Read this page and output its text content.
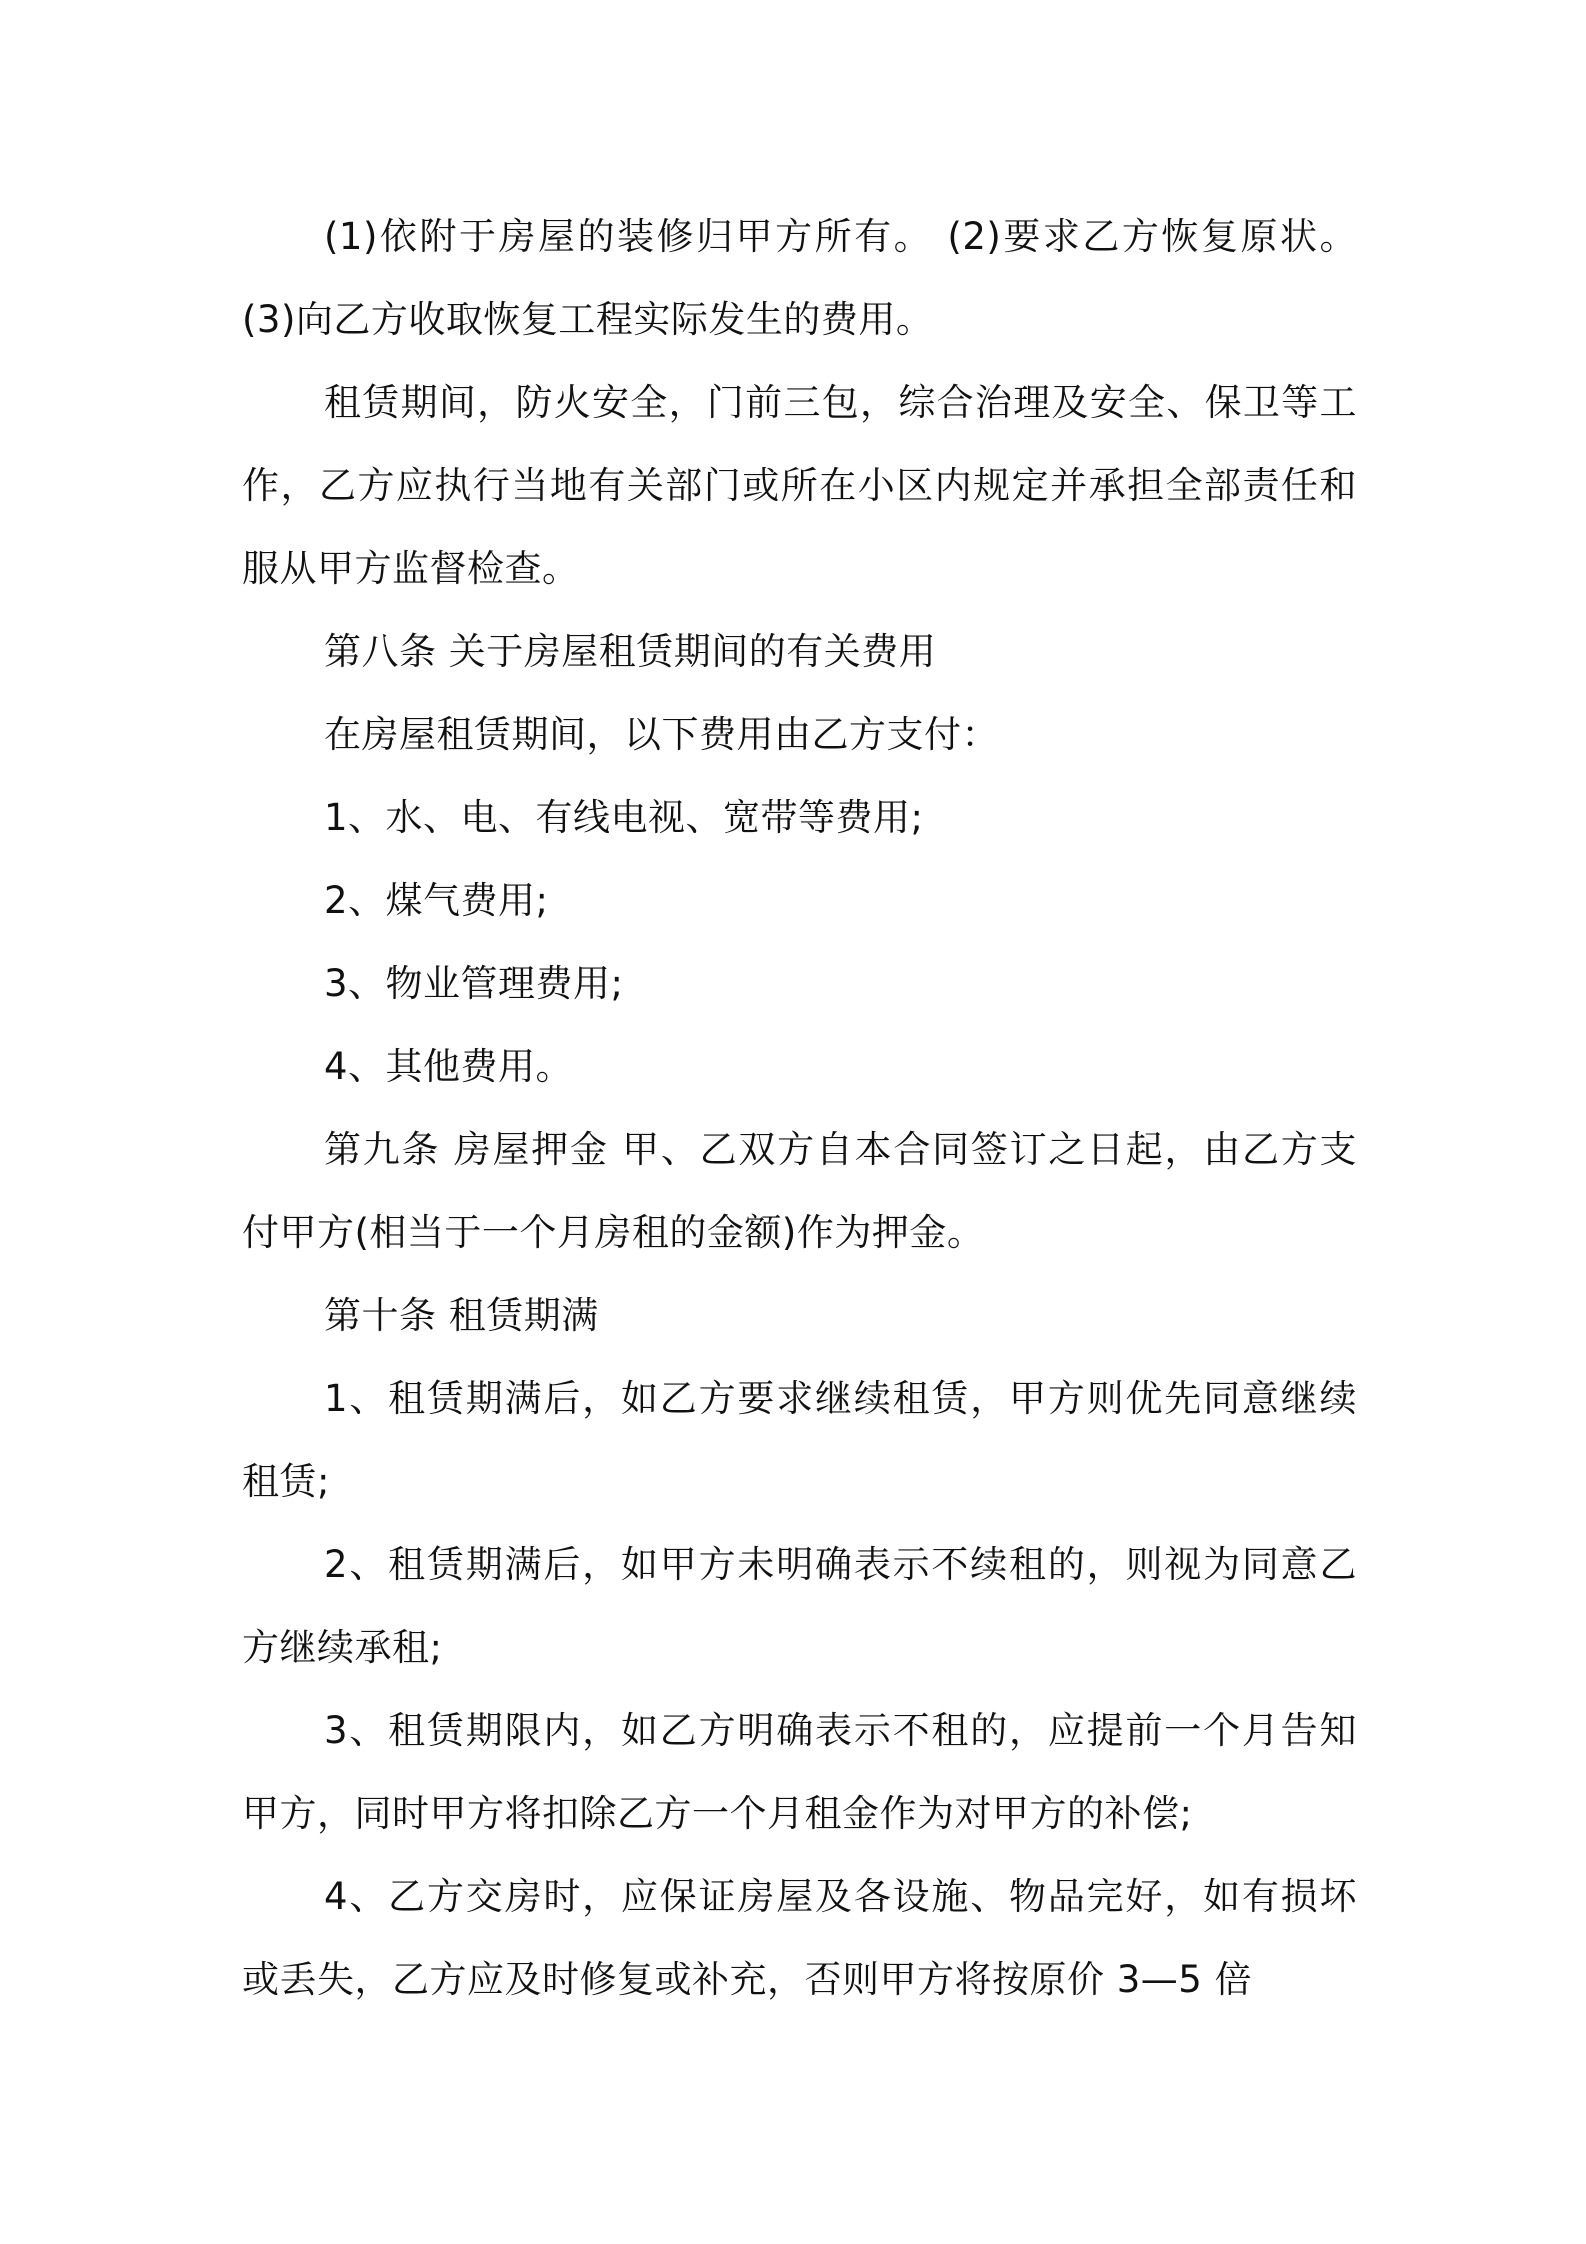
(1)依附于房屋的装修归甲方所有。 (2)要求乙方恢复原状。(3)向乙方收取恢复工程实际发生的费用。

租赁期间，防火安全，门前三包，综合治理及安全、保卫等工作，乙方应执行当地有关部门或所在小区内规定并承担全部责任和服从甲方监督检查。

第八条 关于房屋租赁期间的有关费用

在房屋租赁期间，以下费用由乙方支付：

1、水、电、有线电视、宽带等费用;

2、煤气费用;

3、物业管理费用;

4、其他费用。

第九条 房屋押金 甲、乙双方自本合同签订之日起，由乙方支付甲方(相当于一个月房租的金额)作为押金。

第十条 租赁期满

1、租赁期满后，如乙方要求继续租赁，甲方则优先同意继续租赁;

2、租赁期满后，如甲方未明确表示不续租的，则视为同意乙方继续承租;

3、租赁期限内，如乙方明确表示不租的，应提前一个月告知甲方，同时甲方将扣除乙方一个月租金作为对甲方的补偿;

4、乙方交房时，应保证房屋及各设施、物品完好，如有损坏或丢失，乙方应及时修复或补充，否则甲方将按原价 3—5 倍
